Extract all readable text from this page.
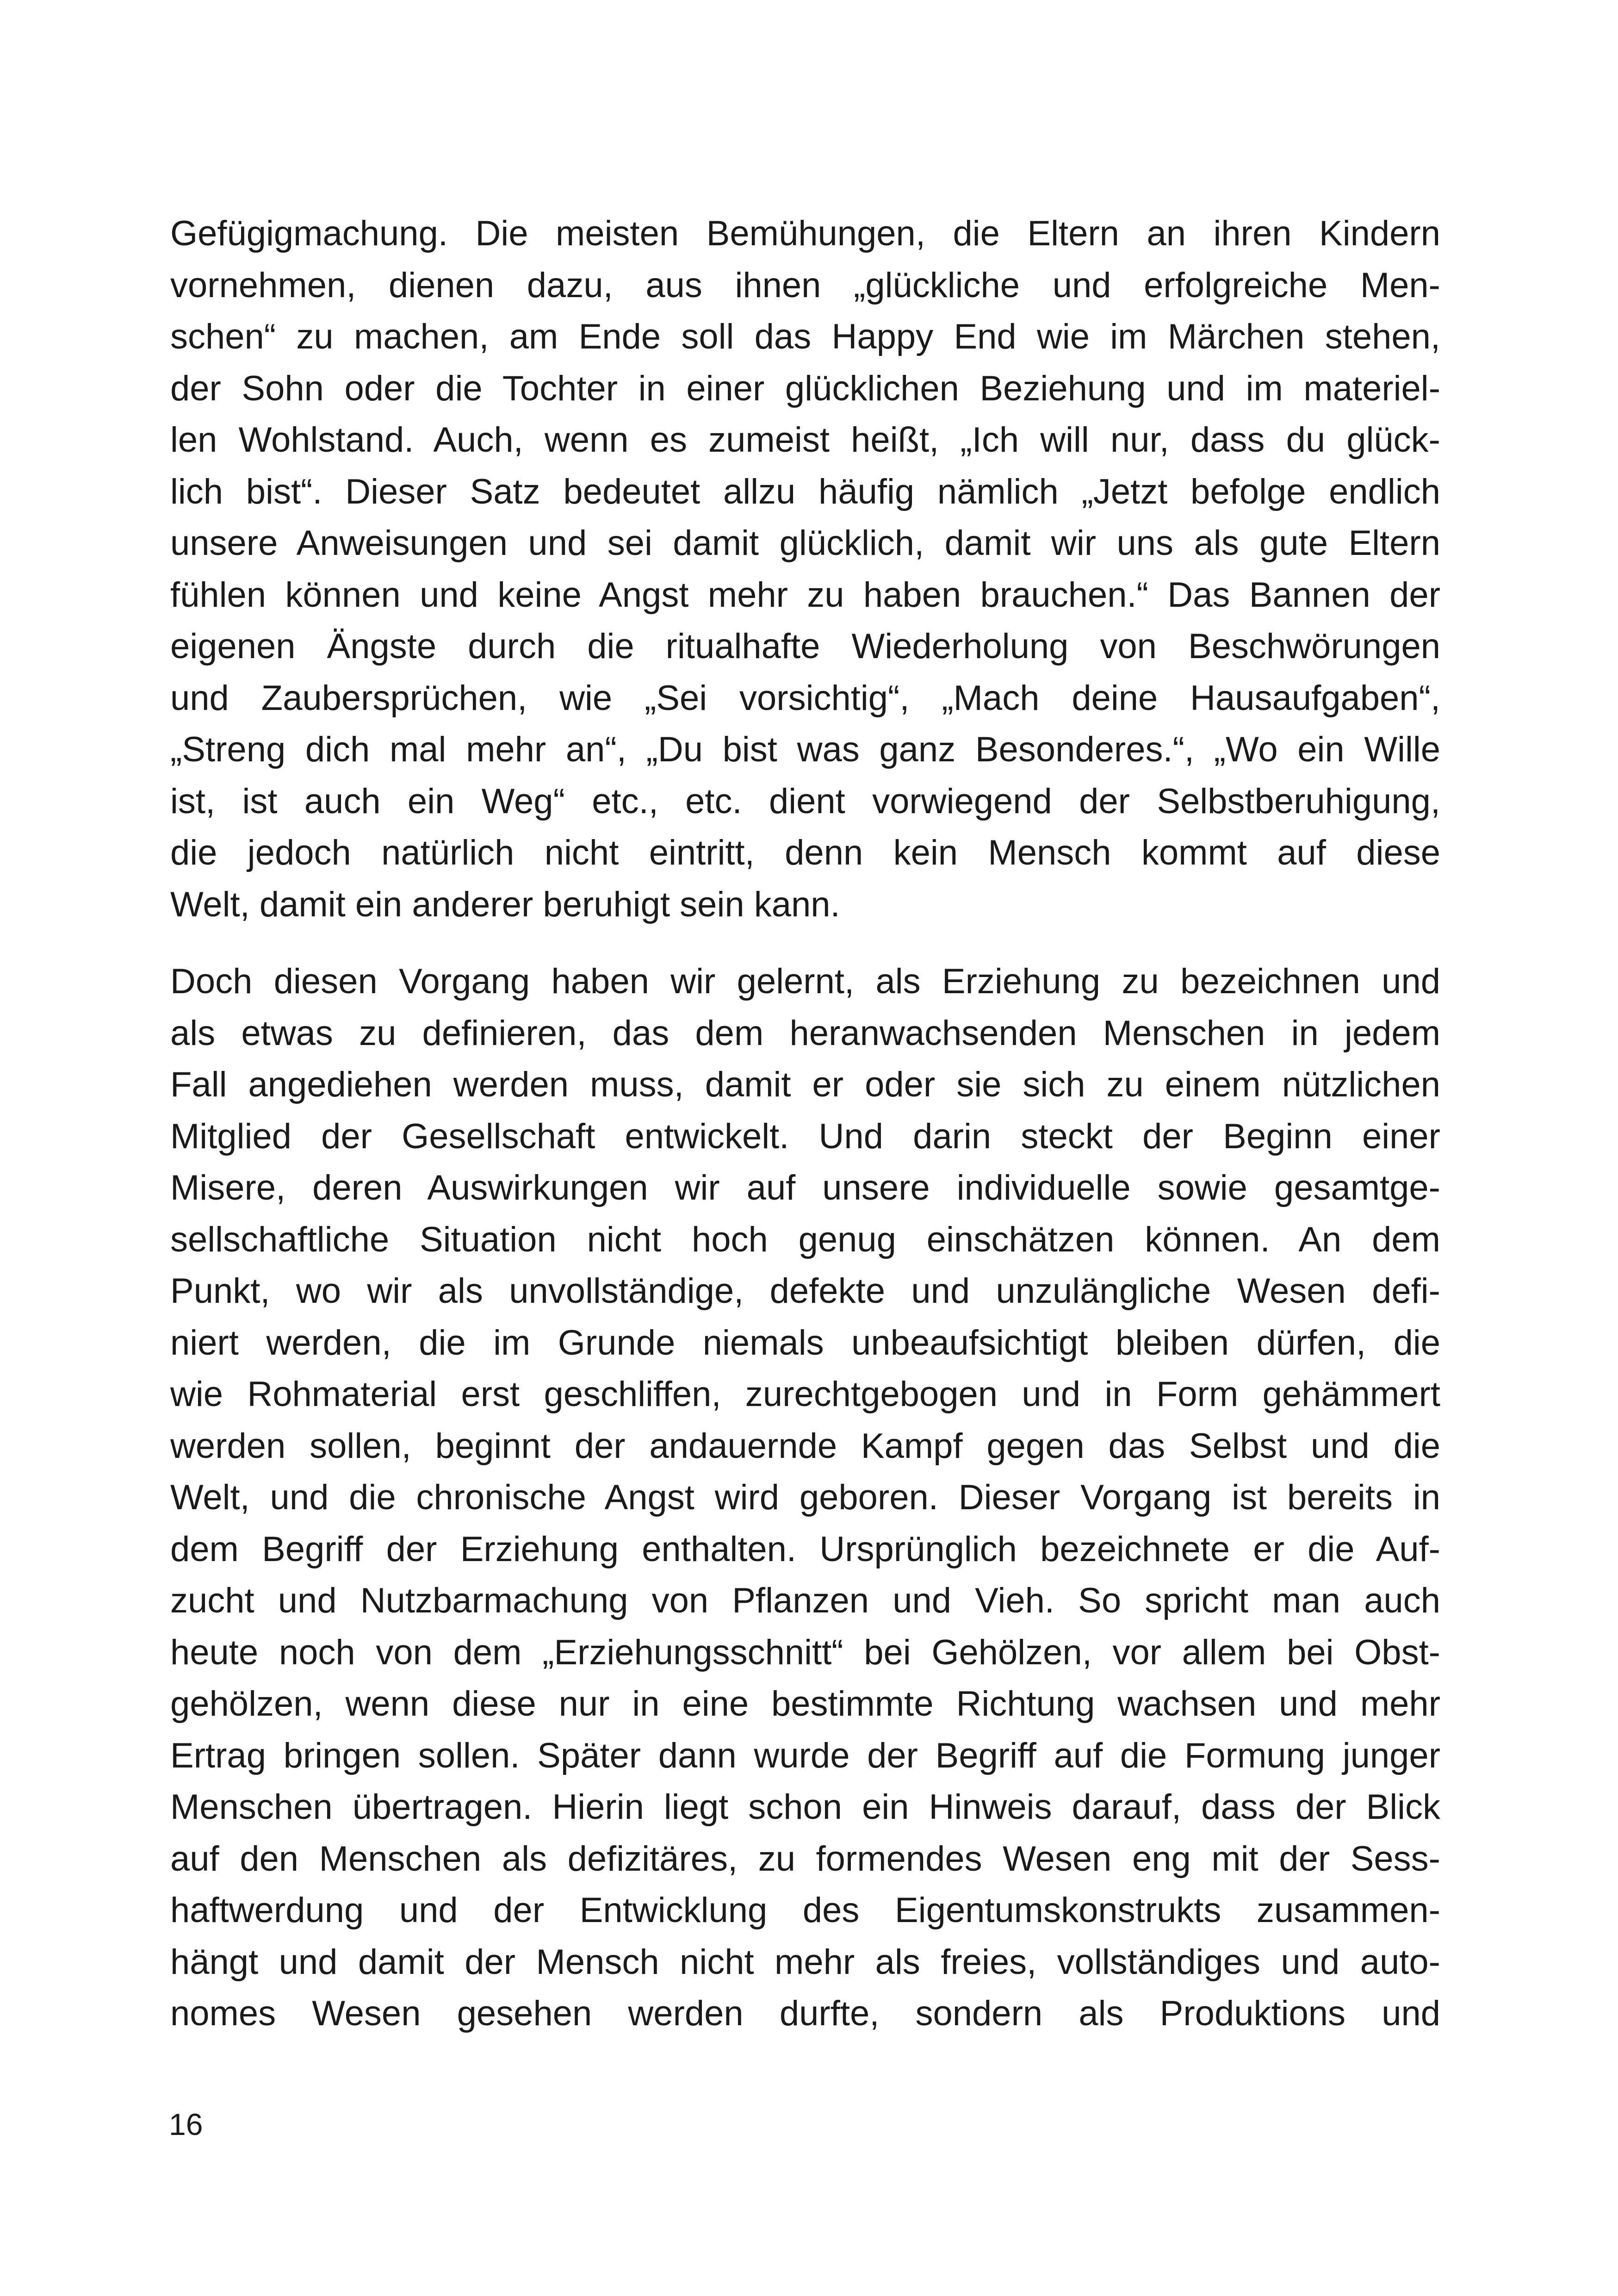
Gefügigmachung. Die meisten Bemühungen, die Eltern an ihren Kindern
vornehmen, dienen dazu, aus ihnen „glückliche und erfolgreiche Men-
schen“ zu machen, am Ende soll das Happy End wie im Märchen stehen,
der Sohn oder die Tochter in einer glücklichen Beziehung und im materiel-
len Wohlstand. Auch, wenn es zumeist heißt, „Ich will nur, dass du glück-
lich bist“. Dieser Satz bedeutet allzu häufig nämlich „Jetzt befolge endlich
unsere Anweisungen und sei damit glücklich, damit wir uns als gute Eltern
fühlen können und keine Angst mehr zu haben brauchen.“ Das Bannen der
eigenen Ängste durch die ritualhafte Wiederholung von Beschwörungen
und Zaubersprüchen, wie „Sei vorsichtig“, „Mach deine Hausaufgaben“,
„Streng dich mal mehr an“, „Du bist was ganz Besonderes.“, „Wo ein Wille
ist, ist auch ein Weg“ etc., etc. dient vorwiegend der Selbstberuhigung,
die jedoch natürlich nicht eintritt, denn kein Mensch kommt auf diese
Welt, damit ein anderer beruhigt sein kann.
Doch diesen Vorgang haben wir gelernt, als Erziehung zu bezeichnen und
als etwas zu definieren, das dem heranwachsenden Menschen in jedem
Fall angediehen werden muss, damit er oder sie sich zu einem nützlichen
Mitglied der Gesellschaft entwickelt. Und darin steckt der Beginn einer
Misere, deren Auswirkungen wir auf unsere individuelle sowie gesamtge-
sellschaftliche Situation nicht hoch genug einschätzen können. An dem
Punkt, wo wir als unvollständige, defekte und unzulängliche Wesen defi-
niert werden, die im Grunde niemals unbeaufsichtigt bleiben dürfen, die
wie Rohmaterial erst geschliffen, zurechtgebogen und in Form gehämmert
werden sollen, beginnt der andauernde Kampf gegen das Selbst und die
Welt, und die chronische Angst wird geboren. Dieser Vorgang ist bereits in
dem Begriff der Erziehung enthalten. Ursprünglich bezeichnete er die Auf-
zucht und Nutzbarmachung von Pflanzen und Vieh. So spricht man auch
heute noch von dem „Erziehungsschnitt“ bei Gehölzen, vor allem bei Obst-
gehölzen, wenn diese nur in eine bestimmte Richtung wachsen und mehr
Ertrag bringen sollen. Später dann wurde der Begriff auf die Formung junger
Menschen übertragen. Hierin liegt schon ein Hinweis darauf, dass der Blick
auf den Menschen als defizitäres, zu formendes Wesen eng mit der Sess-
haftwerdung und der Entwicklung des Eigentumskonstrukts zusammen-
hängt und damit der Mensch nicht mehr als freies, vollständiges und auto-
nomes Wesen gesehen werden durfte, sondern als Produktions und
16
